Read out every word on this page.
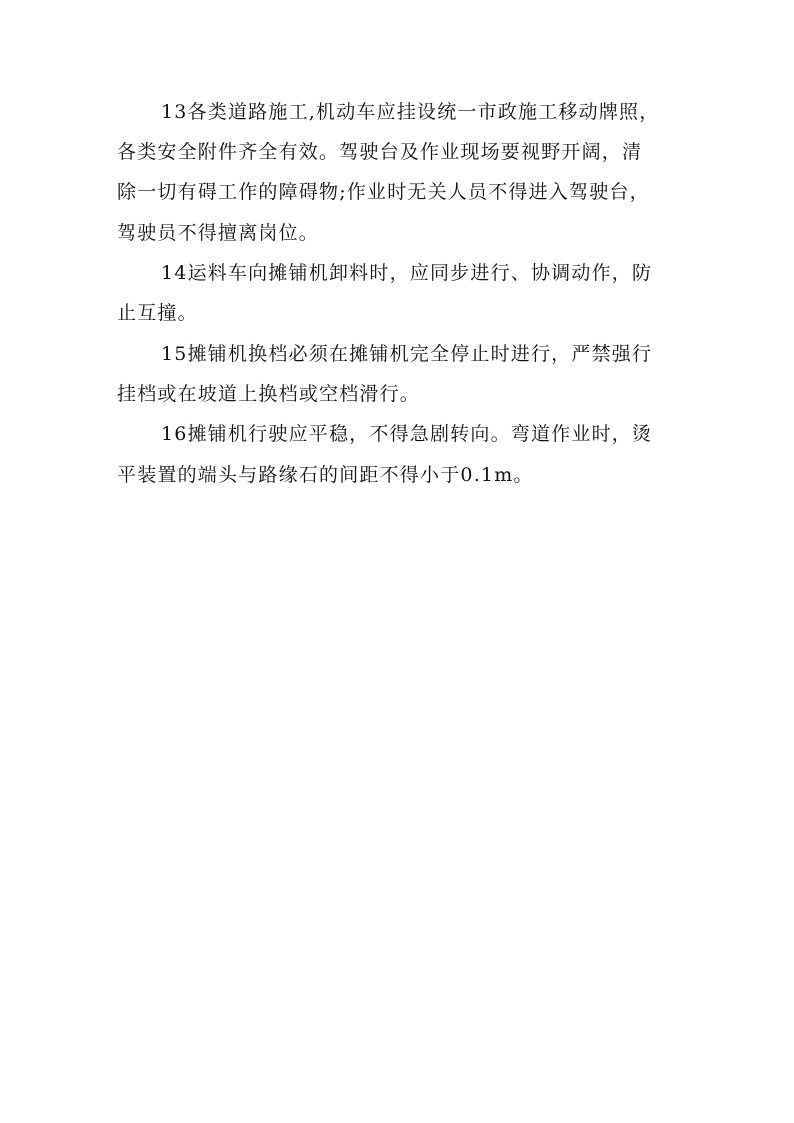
13各类道路施工,机动车应挂设统一市政施工移动牌照，
各类安全附件齐全有效。驾驶台及作业现场要视野开阔，清
除一切有碍工作的障碍物;作业时无关人员不得进入驾驶台，
驾驶员不得擅离岗位。
14运料车向摊铺机卸料时，应同步进行、协调动作，防
止互撞。
15摊铺机换档必须在摊铺机完全停止时进行，严禁强行
挂档或在坡道上换档或空档滑行。
16摊铺机行驶应平稳，不得急剧转向。弯道作业时，烫
平装置的端头与路缘石的间距不得小于0.1m。
